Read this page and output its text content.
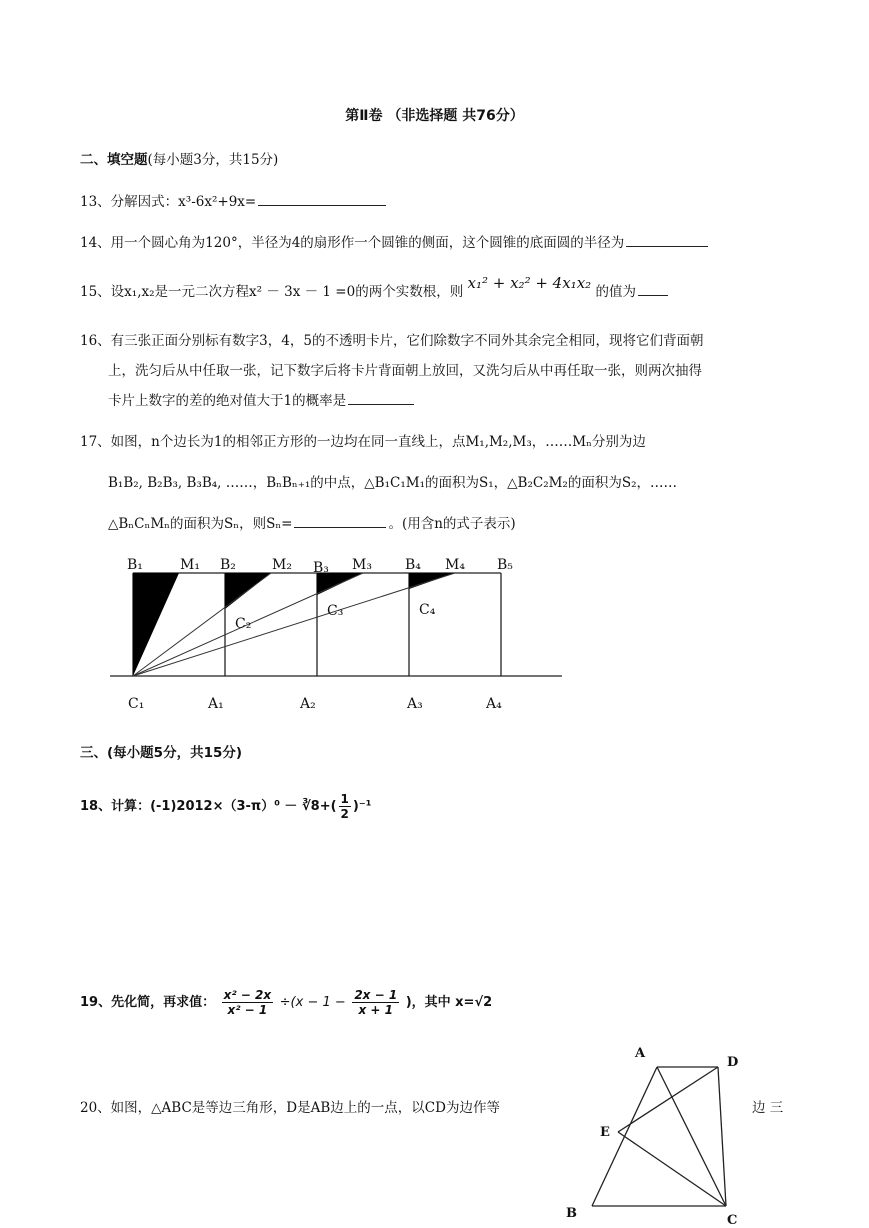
第Ⅱ卷 （非选择题 共76分）
二、填空题(每小题3分，共15分)
13、分解因式：x³-6x²+9x=
14、用一个圆心角为120°，半径为4的扇形作一个圆锥的侧面，这个圆锥的底面圆的半径为
15、设x₁,x₂是一元二次方程x² － 3x － 1 =0的两个实数根，则 x₁² + x₂² + 4x₁x₂ 的值为
16、有三张正面分别标有数字3，4，5的不透明卡片，它们除数字不同外其余完全相同，现将它们背面朝
上，洗匀后从中任取一张，记下数字后将卡片背面朝上放回，又洗匀后从中再任取一张，则两次抽得
卡片上数字的差的绝对值大于1的概率是
17、如图，n个边长为1的相邻正方形的一边均在同一直线上，点M₁,M₂,M₃，……Mₙ分别为边
B₁B₂, B₂B₃, B₃B₄, ……，BₙBₙ₊₁的中点，△B₁C₁M₁的面积为S₁，△B₂C₂M₂的面积为S₂，……
△BₙCₙMₙ的面积为Sₙ，则Sₙ=	。(用含n的式子表示)
B₁	M₁ B₂	M₂ B₃ M₃ B₄ M₄ B₅
C₂
C₃	C₄
C₁	A₁	A₂	A₃	A₄
三、(每小题5分，共15分)
18、计算：(-1)2012×（3-π）⁰ － ∛8+( $\frac{1}{2} )^{-1}$
19、先化简，再求值： $\frac{\text{x² − 2x}}{\text{x² − 1}} \div(x - 1 - \frac{2x - 1}{x + 1}$ )，其中 x=√2
20、如图，△ABC是等边三角形，D是AB边上的一点，以CD为边作等	边 三
A
D
E
B	C
